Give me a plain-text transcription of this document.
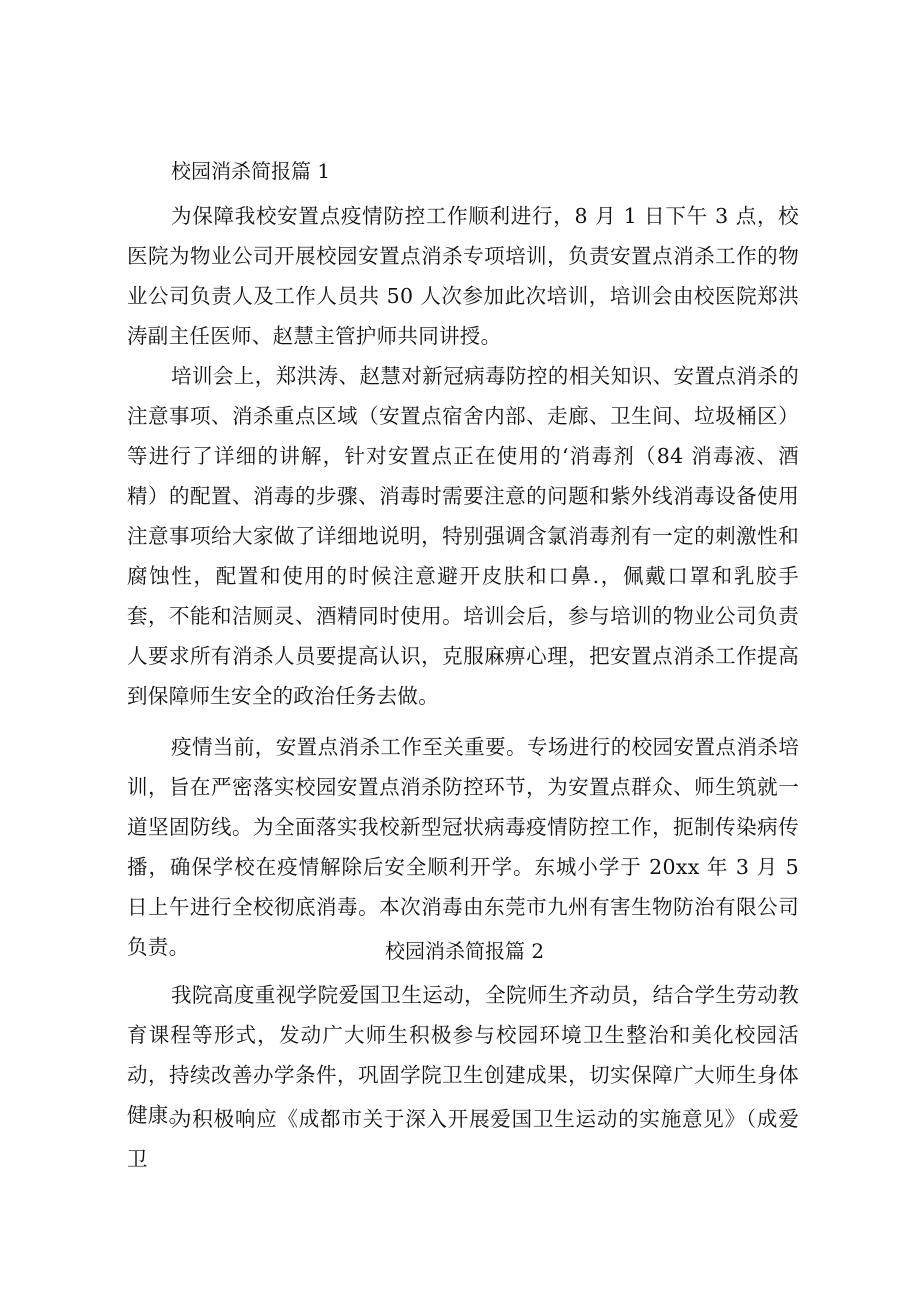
校园消杀简报篇 1

为保障我校安置点疫情防控工作顺利进行，8 月 1 日下午 3 点，校医院为物业公司开展校园安置点消杀专项培训，负责安置点消杀工作的物业公司负责人及工作人员共 50 人次参加此次培训，培训会由校医院郑洪涛副主任医师、赵慧主管护师共同讲授。

培训会上，郑洪涛、赵慧对新冠病毒防控的相关知识、安置点消杀的注意事项、消杀重点区域（安置点宿舍内部、走廊、卫生间、垃圾桶区）等进行了详细的讲解，针对安置点正在使用的‘消毒剂（84 消毒液、酒精）的配置、消毒的步骤、消毒时需要注意的问题和紫外线消毒设备使用注意事项给大家做了详细地说明，特别强调含氯消毒剂有一定的刺激性和腐蚀性，配置和使用的时候注意避开皮肤和口鼻.，佩戴口罩和乳胶手套，不能和洁厕灵、酒精同时使用。培训会后，参与培训的物业公司负责人要求所有消杀人员要提高认识，克服麻痹心理，把安置点消杀工作提高到保障师生安全的政治任务去做。

疫情当前，安置点消杀工作至关重要。专场进行的校园安置点消杀培训，旨在严密落实校园安置点消杀防控环节，为安置点群众、师生筑就一道坚固防线。为全面落实我校新型冠状病毒疫情防控工作，扼制传染病传播，确保学校在疫情解除后安全顺利开学。东城小学于 20xx 年 3 月 5 日上午进行全校彻底消毒。本次消毒由东莞市九州有害生物防治有限公司负责。	校园消杀简报篇 2

我院高度重视学院爱国卫生运动，全院师生齐动员，结合学生劳动教育课程等形式，发动广大师生积极参与校园环境卫生整治和美化校园活动，持续改善办学条件，巩固学院卫生创建成果，切实保障广大师生身体健康。

为积极响应《成都市关于深入开展爱国卫生运动的实施意见》（成爱卫
